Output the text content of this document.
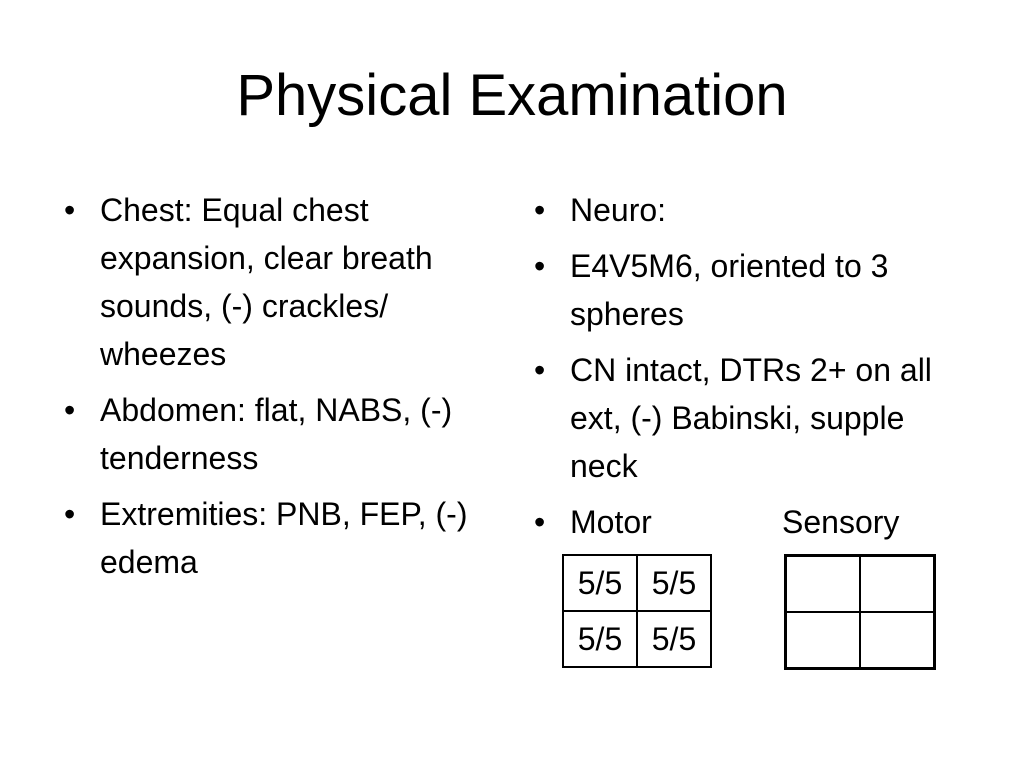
Physical Examination
• Chest: Equal chest expansion, clear breath sounds, (-) crackles/ wheezes
• Abdomen: flat, NABS, (-) tenderness
• Extremities: PNB, FEP, (-) edema
• Neuro:
• E4V5M6, oriented to 3 spheres
• CN intact, DTRs 2+ on all ext, (-) Babinski, supple neck
• Motor	Sensory
5/5	5/5
5/5	5/5
